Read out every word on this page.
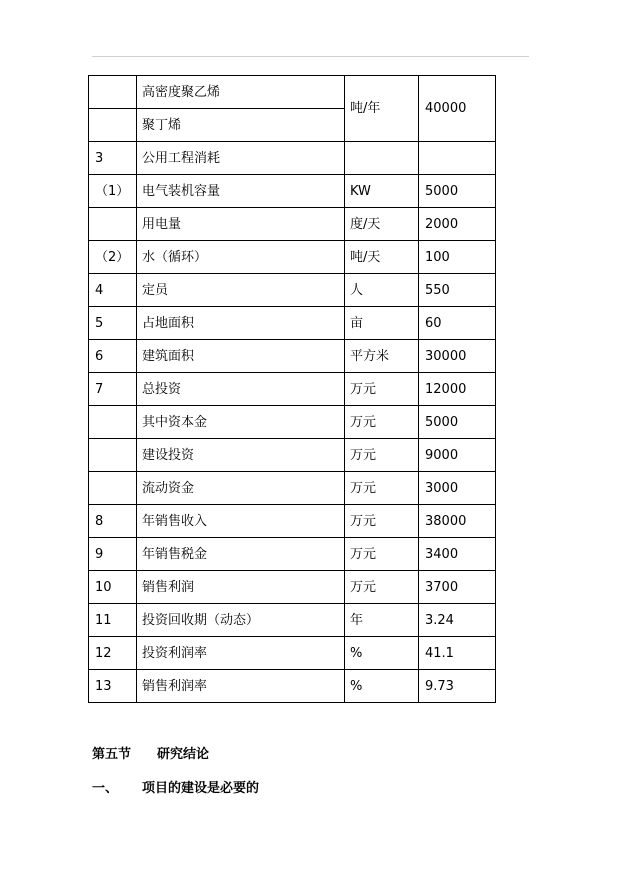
	高密度聚乙烯	吨/年	40000
	聚丁烯		
3	公用工程消耗		
（1）	电气装机容量	KW	5000
	用电量	度/天	2000
（2）	水（循环）	吨/天	100
4	定员	人	550
5	占地面积	亩	60
6	建筑面积	平方米	30000
7	总投资	万元	12000
	其中资本金	万元	5000
	建设投资	万元	9000
	流动资金	万元	3000
8	年销售收入	万元	38000
9	年销售税金	万元	3400
10	销售利润	万元	3700
11	投资回收期（动态）	年	3.24
12	投资利润率	%	41.1
13	销售利润率	%	9.73
第五节 研究结论
一、 项目的建设是必要的
